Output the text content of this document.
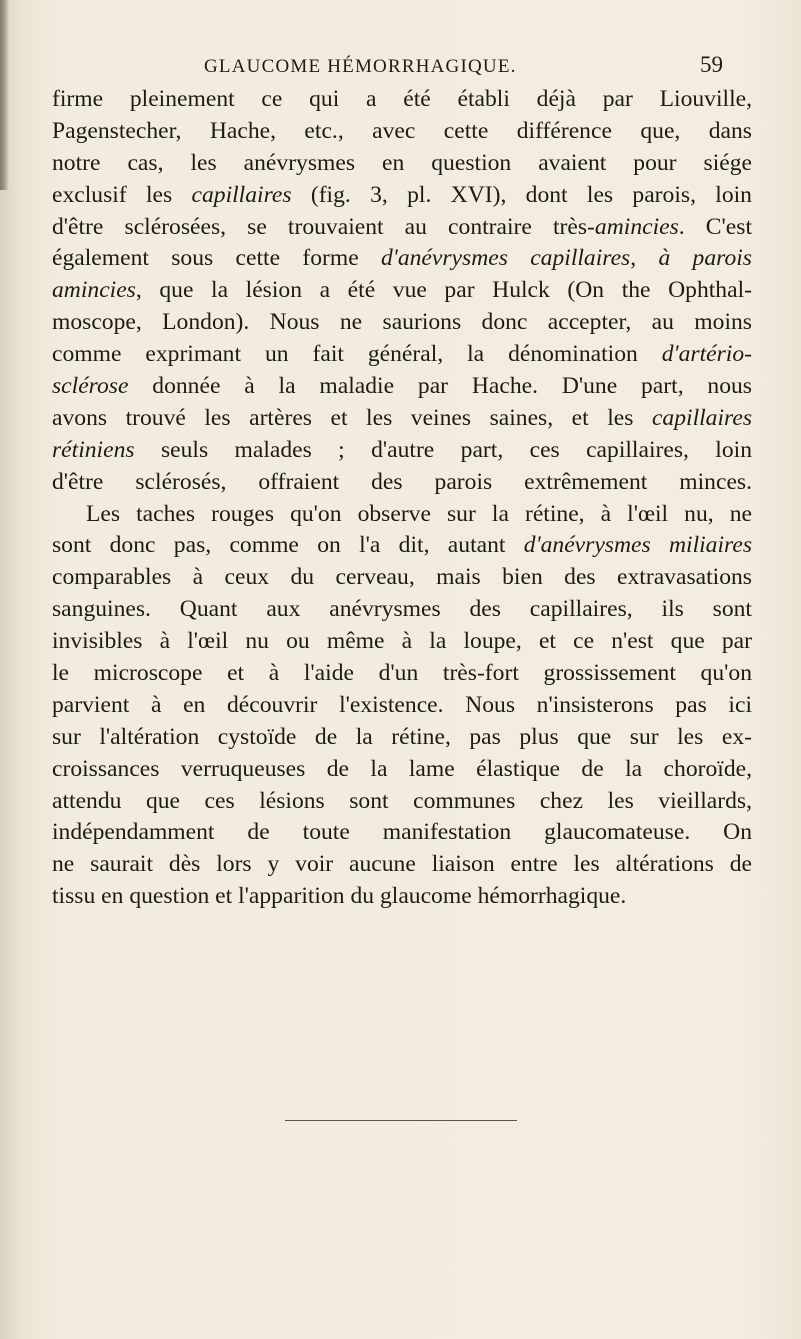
GLAUCOME HÉMORRHAGIQUE.	59
firme pleinement ce qui a été établi déjà par Liouville,
Pagenstecher, Hache, etc., avec cette différence que, dans
notre cas, les anévrysmes en question avaient pour siége
exclusif les capillaires (fig. 3, pl. XVI), dont les parois, loin
d'être sclérosées, se trouvaient au contraire très-amincies. C'est
également sous cette forme d'anévrysmes capillaires, à parois
amincies, que la lésion a été vue par Hulck (On the Ophthal-
moscope, London). Nous ne saurions donc accepter, au moins
comme exprimant un fait général, la dénomination d'artério-
sclérose donnée à la maladie par Hache. D'une part, nous
avons trouvé les artères et les veines saines, et les capillaires
rétiniens seuls malades ; d'autre part, ces capillaires, loin
d'être sclérosés, offraient des parois extrêmement minces.
Les taches rouges qu'on observe sur la rétine, à l'œil nu, ne
sont donc pas, comme on l'a dit, autant d'anévrysmes miliaires
comparables à ceux du cerveau, mais bien des extravasations
sanguines. Quant aux anévrysmes des capillaires, ils sont
invisibles à l'œil nu ou même à la loupe, et ce n'est que par
le microscope et à l'aide d'un très-fort grossissement qu'on
parvient à en découvrir l'existence. Nous n'insisterons pas ici
sur l'altération cystoïde de la rétine, pas plus que sur les ex-
croissances verruqueuses de la lame élastique de la choroïde,
attendu que ces lésions sont communes chez les vieillards,
indépendamment de toute manifestation glaucomateuse. On
ne saurait dès lors y voir aucune liaison entre les altérations de
tissu en question et l'apparition du glaucome hémorrhagique.
